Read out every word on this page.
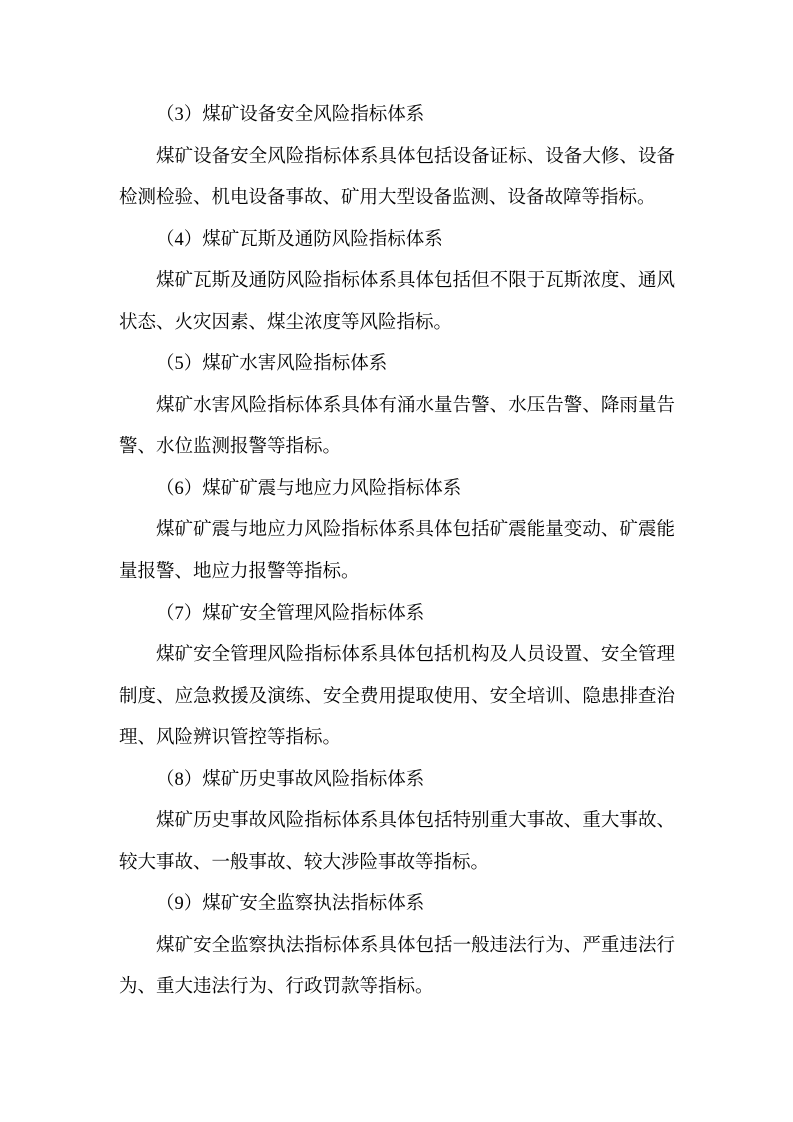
（3）煤矿设备安全风险指标体系

煤矿设备安全风险指标体系具体包括设备证标、设备大修、设备检测检验、机电设备事故、矿用大型设备监测、设备故障等指标。

（4）煤矿瓦斯及通防风险指标体系

煤矿瓦斯及通防风险指标体系具体包括但不限于瓦斯浓度、通风状态、火灾因素、煤尘浓度等风险指标。

（5）煤矿水害风险指标体系

煤矿水害风险指标体系具体有涌水量告警、水压告警、降雨量告警、水位监测报警等指标。

（6）煤矿矿震与地应力风险指标体系

煤矿矿震与地应力风险指标体系具体包括矿震能量变动、矿震能量报警、地应力报警等指标。

（7）煤矿安全管理风险指标体系

煤矿安全管理风险指标体系具体包括机构及人员设置、安全管理制度、应急救援及演练、安全费用提取使用、安全培训、隐患排查治理、风险辨识管控等指标。

（8）煤矿历史事故风险指标体系

煤矿历史事故风险指标体系具体包括特别重大事故、重大事故、较大事故、一般事故、较大涉险事故等指标。

（9）煤矿安全监察执法指标体系

煤矿安全监察执法指标体系具体包括一般违法行为、严重违法行为、重大违法行为、行政罚款等指标。
